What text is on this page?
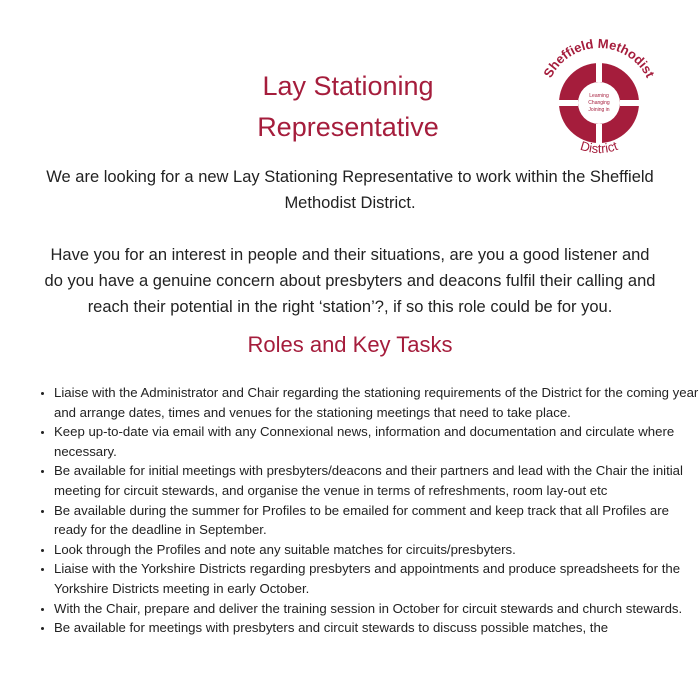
Lay Stationing
Representative
Sheffield Methodist
District
Learning
Changing
Joining in

We are looking for a new Lay Stationing Representative to work within the Sheffield Methodist District.

Have you for an interest in people and their situations, are you a good listener and do you have a genuine concern about presbyters and deacons fulfil their calling and reach their potential in the right ‘station’?, if so this role could be for you.

Roles and Key Tasks
• Liaise with the Administrator and Chair regarding the stationing requirements of the District for the coming year and arrange dates, times and venues for the stationing meetings that need to take place.
• Keep up-to-date via email with any Connexional news, information and documentation and circulate where necessary.
• Be available for initial meetings with presbyters/deacons and their partners and lead with the Chair the initial meeting for circuit stewards, and organise the venue in terms of refreshments, room lay-out etc
• Be available during the summer for Profiles to be emailed for comment and keep track that all Profiles are ready for the deadline in September.
• Look through the Profiles and note any suitable matches for circuits/presbyters.
• Liaise with the Yorkshire Districts regarding presbyters and appointments and produce spreadsheets for the Yorkshire Districts meeting in early October.
• With the Chair, prepare and deliver the training session in October for circuit stewards and church stewards.
• Be available for meetings with presbyters and circuit stewards to discuss possible matches, the
